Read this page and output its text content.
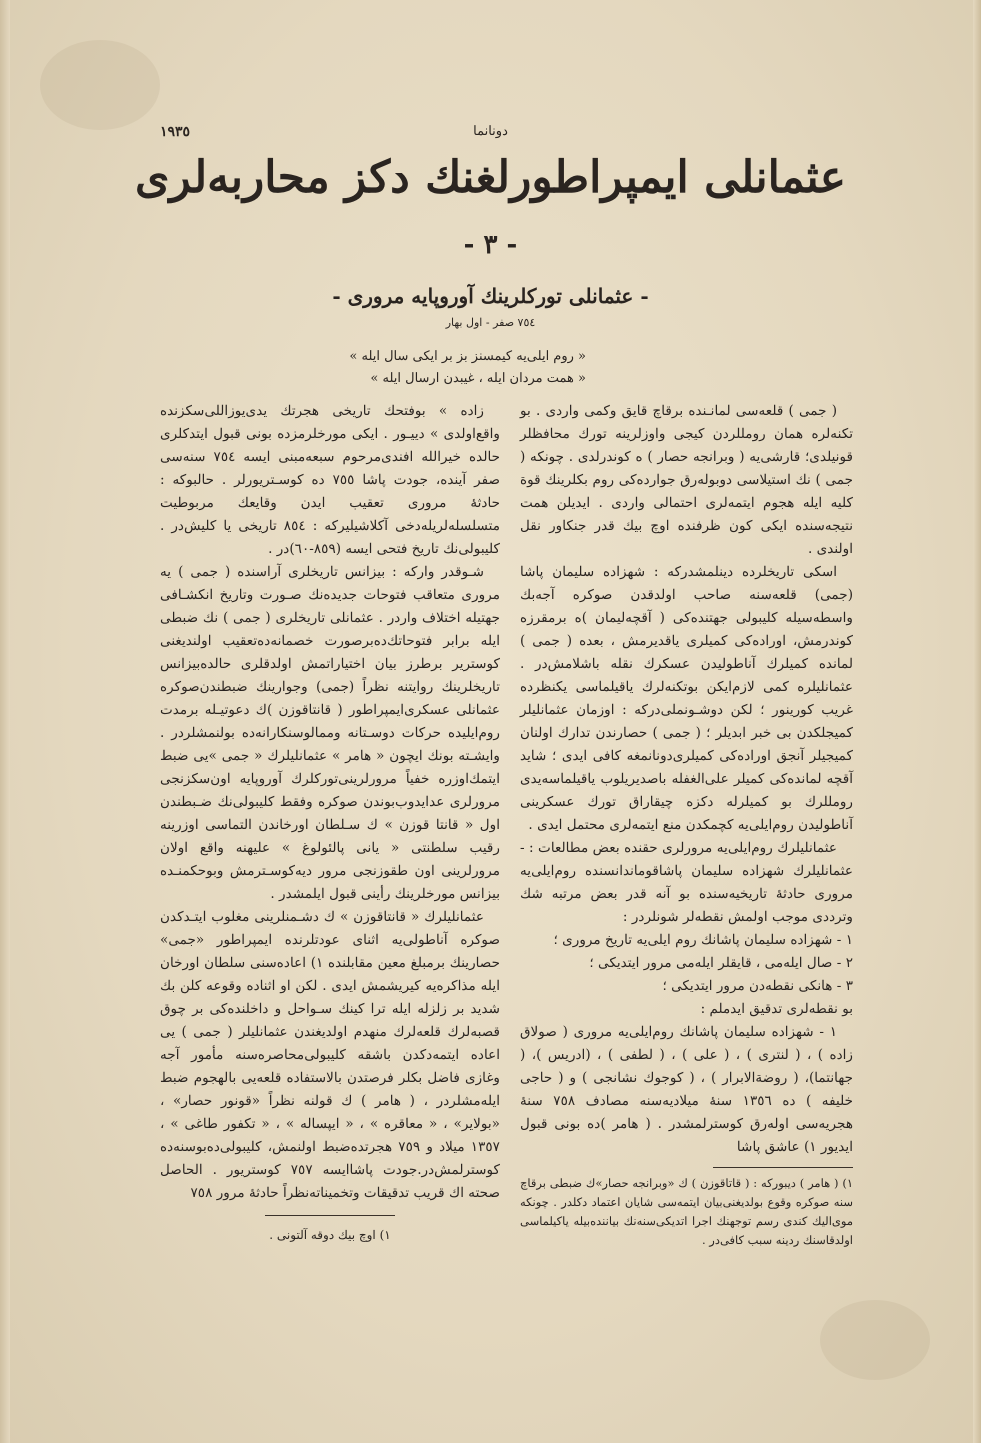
١٩٣٥	دونانما
عثمانلی ایمپراطورلغنك دكز محاربه‌لری
- ٣ -
- عثمانلی توركلرینك آوروپایه مروری -
٧٥٤ صفر - اول بهار
« روم ایلی‌یه كیمسنز بز بر ایكی سال ایله »
« همت مردان ایله ، غیبدن ارسال ایله »

( جمی ) قلعه‌سی لمانـنده برقاچ قایق وكمی واردی . بو تكنه‌لره همان رومللردن كیجی واوزلرینه تورك محافظلر قونیلدی؛ قارشی‌یه ( وبرانجه حصار ) ه كوندرلدی . چونكه ( جمی ) نك استیلاسی دوبوله‌رق جواردەكی روم بكلرینك قوة كلیه ایله هجوم ایتمه‌لری احتمالی واردی . ایدیلن همت نتیجه‌سنده ایكی كون ظرفنده اوچ بیك قدر جنكاور نقل اولندی .

اسكی تاریخلرده دینلمشدركه : شهزاده سلیمان پاشا (جمی) قلعه‌سنه صاحب اولدقدن صوكره آجه‌بك واسطه‌سیله كلیبولی جهتنده‌كی ( آقچه‌لیمان )ه برمقرزه كوندرمش، اوراده‌كی كمیلری یاقدیرمش ، بعده ( جمی ) لمانده كمیلرك آناطولیدن عسكرك نقله باشلامش‌در . عثمانلیلره كمی لازم‌ایكن بوتكنه‌لرك یاقیلماسی یكنظرده غریب كورینور ؛ لكن دوشـونملی‌در‌كه : اوزمان عثمانلیلر كمیجلكدن بی خبر ابدیلر ؛ ( جمی ) حصارندن تدارك اولنان كمیجیلر آنجق اوراده‌كی كمیلری‌دونانمغه كافی ایدی ؛ شاید آقچه لمانده‌كی كمیلر علی‌الغفله باصدیریلوب یاقیلماسه‌یدی رومللرك بو كمیلرله دكزه چیقاراق تورك عسكرینی آناطولیدن روم‌ایلی‌یه كچمكدن منع ایتمه‌لری محتمل ایدی .

عثمانلیلرك روم‌ایلی‌یه مرورلری حقنده بعض مطالعات : - عثمانلیلرك شهزاده سلیمان پاشاقوماندانسنده روم‌ایلی‌یه مروری حادثهٔ تاریخیه‌سنده بو آنه قدر بعض مرتبه شك وترددی موجب اولمش نقطه‌لر شونلردر :

١ - شهزاده سلیمان پاشانك روم ایلی‌یه تاریخ مروری ؛

٢ - صال ایله‌می ، قایقلر ایله‌می مرور ایتدیكی ؛

٣ - هانكی نقطه‌دن مرور ایتدیكی ؛

بو نقطه‌لری تدقیق ایدملم :

١ - شهزاده سلیمان پاشانك روم‌ایلی‌یه مروری ( صولاق زاده ) ، ( لنتری ) ، ( علی ) ، ( لطفی ) ، (ادریس )، ( جهانتما)، ( روضةالابرار ) ، ( كوجوك نشانجی ) و ( حاجی خلیفه ) ده ١٣٥٦ سنهٔ میلادیه‌سنه مصادف ٧٥٨ سنهٔ هجریه‌سی اوله‌رق كوسترلمشدر . ( هامر )ده بونی قبول ایدیور ١) عاشق پاشا

١) ( هامر ) دیبوركه : ( قاتاقوزن ) ك «وبرانجه حصار»ك ضبطی برقاچ سنه صوكره وقوع بولدیغنی‌بیان ایتمه‌سی شایان اعتماد دكلدر . چونكه موی‌الیك كندی رسم توجهنك اجرا اتدیكی‌سنه‌نك بیانندە‌بیله یاكیلماسی اولدقاسنك ردینه سبب كافی‌در .

زاده » بوفتحك تاریخی هجرتك یدی‌یوزاللی‌سكزنده واقع‌اولدی » دییـور . ایكی مورخلرمزده بونی قبول ایتدكلری حالده خیرالله افندی‌مرحوم سبعه‌مبنی ایسه ٧٥٤ سنه‌سی صفر آینده، جودت پاشا ٧٥٥ ده كوسـتریورلر . حالبوكه : حادثهٔ مروری تعقیب ایدن وقایعك مربوطیت متسلسله‌لریله‌دخی آكلاشیلیركه : ٨٥٤ تاریخی یا كلیش‌در . كلیبولی‌نك تاریخ فتحی ایسه (٨٥٩-٦٠)در .

شـوقدر واركه : بیزانس تاریخلری آراسنده ( جمی ) یه مروری متعاقب فتوحات جدیده‌نك صـورت وتاریخ انكشـافی جهتیله اختلاف واردر . عثمانلی تاریخلری ( جمی ) نك ضبطی ایله برابر فتوحاتك‌ده‌برصورت خصمانه‌ده‌تعقیب اولندیغنی كوستریر برطرز بیان اختیار‌اتمش اولدقلری حالده‌بیزانس تاریخلرینك روایتنه نظراً (جمی) وجوارینك ضبطندن‌صوكره عثمانلی عسكری‌ایمپراطور ( قانتاقوزن )ك دعوتیـله برمدت روم‌ایلیده حركات دوسـتانه وممالوسنكارانه‌ده بولنمشلردر . وایشـته بونك ایچون « هامر » عثمانلیلرك « جمی »یی ضبط ایتمك‌اوزره خفیاً مرورلرینی‌توركلرك آوروپایه اون‌سكزنجی مرورلری عدایدوب‌بوندن صوكره وفقط كلیبولی‌نك ضـبطندن اول « قانتا قوزن » ك سـلطان اورخاندن التماسی اوزرینه رقیب سلطنتی « یانی پالئولوغ » علیهنه واقع اولان مرورلرینی اون طقوزنجی مرور دیه‌كوسـترمش وبوحكمنـده بیزانس مورخلرینك رأینی قبول ایلمشدر .

عثمانلیلرك « قانتاقوزن » ك دشـمنلرینی مغلوب ایتـدكدن صوكره آناطولی‌یه اثنای عودتلرنده ایمپراطور «جمی» حصارینك برمبلغ معین مقابلنده ١) اعاده‌سنی سلطان اورخان ایله مذاكره‌یه كیریشمش ایدی . لكن او اثناده وقوعه كلن بك شدید بر زلزله ایله ترا كینك سـواحل و داخلنده‌كی بر چوق قصبه‌لرك قلعه‌لرك منهدم اولدیغندن عثمانلیلر ( جمی ) یی اعاده ایتمه‌دكدن باشقه كلیبولی‌محاصره‌سنه مأمور آجه وغازی فاضل بكلر فرصتدن بالاستفاده قلعه‌یی بالهجوم ضبط ایله‌مشلردر ، ( هامر ) ك قولنه نظراً «قونور حصار» ، «بولایر» ، « معاقره » ، « ایپساله » ، « تكفور طاغی » ، ١٣٥٧ میلاد و ٧٥٩ هجرتده‌ضبط اولنمش، كلیبولی‌ده‌بوسنه‌ده كوسترلمش‌در.جودت پاشاایسه ٧٥٧ كوستریور . الحاصل صحته اك قریب تدقیقات وتخمیناته‌نظراً حادثهٔ مرور ٧٥٨

١) اوچ بیك دوقه آلتونی .
